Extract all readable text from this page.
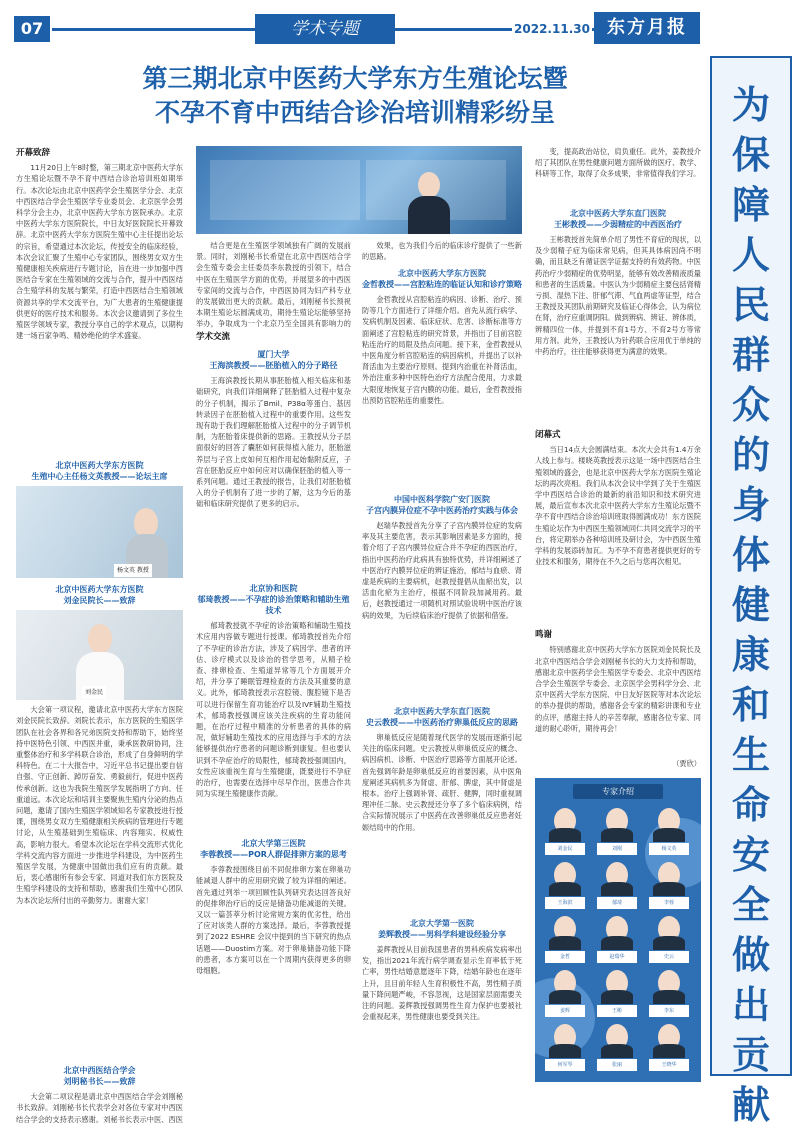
07	学术专题	2022.11.30 东方月报
第三期北京中医药大学东方生殖论坛暨
不孕不育中西结合诊治培训精彩纷呈	为
保
障
人
民
群
众
的
身
体
健
康
和
生
命
安
全
做
出
贡
献
开幕致辞

11月20日上午8时整，第三期北京中医药大学东方生殖论坛暨不孕不育中西结合诊治培训班如期举行。本次论坛由北京中医药学会生殖医学分会、北京中西医结合学会生殖医学专业委员会、北京医学会男科学分会主办，北京中医药大学东方医院承办。北京中医药大学东方医院院长，中日友好医院院长开幕致辞。北京中医药大学东方医院生殖中心主任提出论坛的宗旨，希望通过本次论坛，传授安全的临床经验，本次会议汇聚了生殖中心专家团队，围绕男女双方生殖健康相关疾病进行专题讨论，旨在进一步加强中西医结合专家在生殖领域的交流与合作，提升中西医结合生殖学科的发展与繁荣，打造中西医结合生殖领域资源共享的学术交流平台，为广大患者的生殖健康提供更好的医疗技术和服务。本次会议邀请到了多位生殖医学领域专家，教授分享自己的学术观点，以期构建一场百家争鸣、精妙绝伦的学术盛宴。

北京中医药大学东方医院
生殖中心主任杨文英教授——论坛主席
杨文英 教授
北京中医药大学东方医院
刘金民院长——致辞
刘金民

大会第一项议程，邀请北京中医药大学东方医院刘金民院长致辞。刘院长表示，东方医院的生殖医学团队在社会各界和各兄弟医院支持和帮助下，始终坚持中医特色引领、中西医并重，秉承医教研协同，注重整体治疗和多学科联合诊治，形成了自身鲜明的学科特色。在二十大报告中，习近平总书记提出要自信自强、守正创新、踔厉奋发、勇毅前行，促进中医药传承创新。这也为我院生殖医学发展指明了方向、任重道远。本次论坛和培训主要聚焦生殖内分泌的热点问题，邀请了国内生殖医学领域知名专家教授进行授课，围绕男女双方生殖健康相关疾病的管理进行专题讨论，从生殖基础到生殖临床、内容翔实、权威性高，影响力很大。希望本次论坛在学科交流形式优化学科交流内容方面进一步推进学科建设，为中医药生殖医学发展，为健康中国做出我们应有的贡献。最后，衷心感谢所有参会专家、同道对我们东方医院及生殖学科建设的支持和帮助，感谢我们生殖中心团队为本次论坛所付出的辛勤努力。谢谢大家！

北京中西医结合学会
刘明秘书长——致辞

大会第二项议程是请北京中西医结合学会刘刚秘书长致辞。刘刚秘书长代表学会对各位专家对中西医结合学会的支持表示感谢。刘秘书长表示中医、西医

结合更是在生殖医学领域独有广阔的发展前景。同时，刘刚秘书长希望在北京中西医结合学会生殖专委会主任委员李东教授的引领下，结合中医在生殖医学方面的优势，并展望多的中西医专家间的交流与合作，中西医协同为妇产科专业的发展做出更大的贡献。最后，刘刚秘书长预祝本期生殖论坛圆满成功，期待生殖论坛能够坚持举办，争取成为一个北京乃至全国具有影响力的

学术交流
厦门大学
王海滨教授——胚胎植入的分子路径

王海滨教授长期从事胚胎植入相关临床和基础研究，向我们详细阐释了胚胎植入过程中复杂的分子机制，揭示了Bmil、P38α等蛋白、基因转录因子在胚胎植入过程中的重要作用。这些发现有助于我们理解胚胎植入过程中的分子调节机制，为胚胎着床提供新的思路。王教授从分子层面很好的回答了囊胚如何获得植入能力，胚胎滋养层与子宫上皮如何互相作用起始黏附反应，子宫在胚胎反应中如何应对以确保胚胎的植入等一系列问题。通过王教授的报告，让我们对胚胎植入的分子机制有了进一步的了解，这为今后的基础和临床研究提供了更多的启示。

北京协和医院
郁琦教授——不孕症的诊治策略和辅助生殖技术

郁琦教授就不孕症的诊治策略和辅助生殖技术应用内容做专题进行授课。郁琦教授首先介绍了不孕症的诊治方法，涉及了病因学、患者的评估、诊疗模式以及诊治的哲学思考，从精子检查、排卵检查、生殖道异常等几个方面展开介绍，并分享了睡眠管理检查的方法及其重要的意义。此外，郁琦教授表示宫腔镜、腹腔镜下是否可以进行保留生育功能治疗以及IVF辅助生殖技术，郁琦教授强调应该关注疾病的生育功能问题，在治疗过程中精准的分析患者的具体的病况，做好辅助生殖技术的应用选择与手术的方法能够提供治疗患者的问题诊断到康复。但也要认识到不孕症治疗的局限性，郁琦教授强调国内，女性应该重视生育与生殖健康，既要进行不孕症的治疗，也需要在选择中尽早作出，医患合作共同为实现生殖健康作贡献。

北京大学第三医院
李蓉教授——POR人群促排卵方案的思考

李蓉教授围绕目前不同促排卵方案在卵巢功能减退人群中的应用研究做了较为详细的阐述。首先通过列举一项回顾性队列研究表达回答良好的促排卵治疗后的反应是储备功能减退的关键。又以一篇荟萃分析讨论常规方案的优劣性，给出了应对该类人群的方案选择。最后，李蓉教授提到了2022 ESHRE 会议中提到的当下研究的热点话题——Duostim方案。对于卵巢储备功能下降的患者，本方案可以在一个周期内获得更多的卵母细胞。

效果，也为我们今后的临床诊疗提供了一些新的思路。

北京中医药大学东方医院
金哲教授——宫腔粘连的临证认知和诊疗策略

金哲教授从宫腔粘连的病因、诊断、治疗、预防等几个方面进行了详细介绍。首先从流行病学、发病机制及因素、临床症状、危害、诊断标准等方面阐述了宫腔粘连的研究背景，并指出了目前宫腔粘连治疗的局限及热点问题。接下来，金哲教授从中医角度分析宫腔粘连的病因病机，并提出了以补肾活血为主要治疗原则。提到内治重在补肾活血，外治注重多种中医特色治疗方法配合使用，力求最大限度地恢复子宫内膜的功能。最后，金哲教授指出预防宫腔粘连的重要性。

中国中医科学院广安门医院
子宫内膜异位症不孕中医药治疗实践与体会

赵瑞华教授首先分享了子宫内膜异位症的发病率及其主要危害，表示其影响因素是多方面的，接着介绍了子宫内膜异位症合并不孕症的西医治疗，指出中医药治疗此病具有独特优势，并详细阐述了中医治疗内膜异位症的辨证施治，郁结与血瘀、肾虚是疾病的主要病机，赵教授提倡从血瘀出发，以活血化瘀为主治疗，根据不同阶段加减用药。最后，赵教授通过一项随机对照试验说明中医治疗该病的效果，为后续临床治疗提供了依据和借鉴。

北京中医药大学东直门医院
史云教授——中医药治疗卵巢低反应的思路

卵巢低反应是随着现代医学的发展而逐渐引起关注的临床问题。史云教授从卵巢低反应的概念、病因病机、诊断、中医治疗思路等方面展开论述。首先强调年龄是卵巢低反应的首要因素，从中医角度阐述其病机多为肾虚、肝郁、脾虚，其中肾虚是根本。治疗上强调补肾、疏肝、健脾，同时重视调理冲任二脉。史云教授还分享了多个临床病例，结合实际情况展示了中医药在改善卵巢低反应患者妊娠结局中的作用。

北京大学第一医院
姜辉教授——男科学科建设经验分享

姜辉教授从目前我国患者的男科疾病发病率出发，指出2021年流行病学调查显示生育率低于死亡率，男性结婚意愿逐年下降，结婚年龄也在逐年上升，且目前年轻人生育积极性不高，男性精子质量下降问题严峻，不容忽视，这是国家层面需要关注的问题。姜辉教授强调男性生育力保护也要被社会重视起来，男性健康也要受到关注。

变，提高政治站位，肩负重任。此外，姜教授介绍了其团队在男性健康问题方面所做的医疗、教学、科研等工作，取得了众多成果，非常值得我们学习。

北京中医药大学东直门医院
王彬教授——少弱精症的中西医治疗

王彬教授首先简单介绍了男性不育症的现状，以及少弱精子症为临床常见病，但其具体病因尚不明确，而且缺乏有循证医学证据支持的有效药物。中医药治疗少弱精症的优势明显，能够有效改善精液质量和患者的生活质量。中医认为少弱精症主要包括肾精亏损、湿热下注、肝郁气滞、气血两虚等证型，结合王教授及其团队前期研究及临证心得体会，认为病位在肾，治疗应重调阴阳。做到辨病、辨证、辨体质，辨精四位一体，并提到不育1号方、不育2号方等常用方剂。此外，王教授认为针药联合应用优于单纯的中药治疗，往往能够获得更为满意的效果。

闭幕式

当日14点大会圆满结束。本次大会共有1.4万余人线上参与。楼晓英教授表示这是一场中西医结合生殖领域的盛会，也是北京中医药大学东方医院生殖论坛的再次亮相。我们从本次会议中学到了关于生殖医学中西医结合诊治的最新的前沿知识和技术研究进展，最后宣布本次北京中医药大学东方生殖论坛暨不孕不育中西结合诊治培训班取得圆满成功！东方医院生殖论坛作为中西医生殖领域同仁共同交流学习的平台，将定期举办各种培训班及研讨会，为中西医生殖学科的发展添砖加瓦。为不孕不育患者提供更好的专业技术和服务，期待在不久之后与您再次相见。

鸣谢

特别感谢北京中医药大学东方医院刘金民院长及北京中西医结合学会刘刚秘书长的大力支持和帮助，感谢北京中医药学会生殖医学专委会、北京中西医结合学会生殖医学专委会、北京医学会男科学分会、北京中医药大学东方医院、中日友好医院等对本次论坛的举办提供的帮助，感谢各会专家的精彩讲课和专业的点评，感谢主持人的辛苦奉献，感谢各位专家、同道的耐心聆听，期待再会！

（贾欣）
专家介绍
刘金民	刘刚	杨文英
王海滨	郁琦	李蓉
金哲	赵瑞华	史云
姜辉	王彬	李东
何军琴	张丽	王晓华
